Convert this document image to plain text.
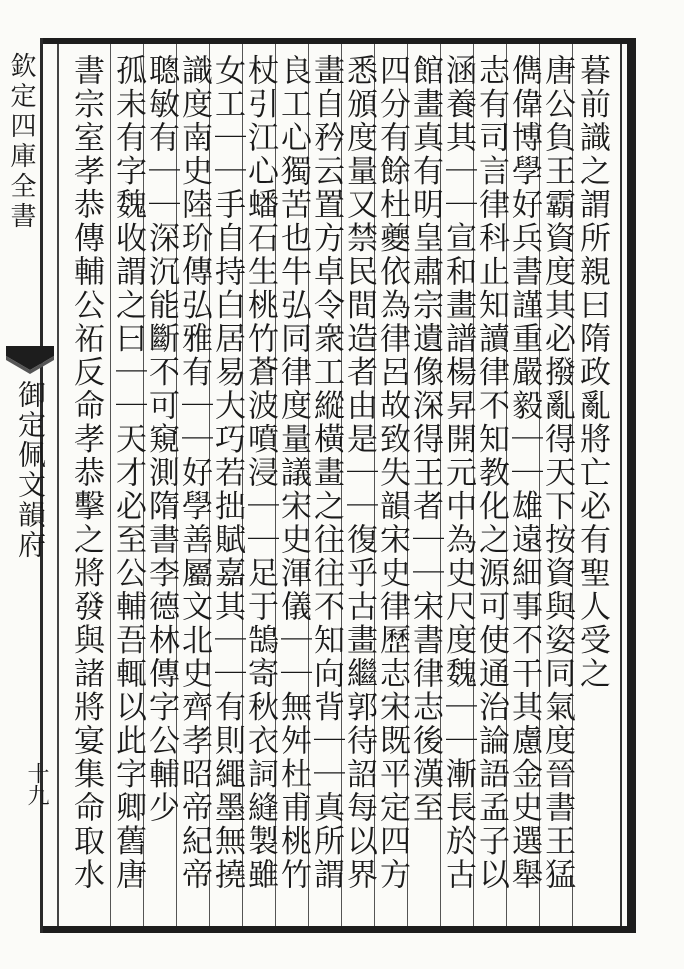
欽定四庫全書
御定佩文韻府
十九
暮前識之謂所親曰隋政亂將亡必有聖人受之
唐公負王霸資度其必撥亂得天下按資與姿同氣度晉書王猛
儁偉博學好兵書謹重嚴毅｜｜雄遠細事不干其慮金史選舉
志有司言律科止知讀律不知教化之源可使通治論語孟子以
涵養其｜｜宣和畫譜楊昇開元中為史尺度魏｜｜漸長於古
館畫真有明皇肅宗遺像深得王者｜｜宋書律志後漢至
四分有餘杜夔依為律呂故致失韻宋史律歷志宋既平定四方
悉頒度量又禁民間造者由是｜｜復乎古畫繼郭待詔每以界
畫自矜云置方卓令衆工縱橫畫之往往不知向背｜｜真所謂
良工心獨苦也牛弘同律度量議宋史渾儀｜｜無舛杜甫桃竹
杖引江心蟠石生桃竹蒼波噴浸｜｜足于鵠寄秋衣詞縫製雖
女工｜｜手自持白居易大巧若拙賦嘉其｜｜有則繩墨無撓
識度南史陸玠傳弘雅有｜｜好學善屬文北史齊孝昭帝紀帝
聰敏有｜｜深沉能斷不可窺測隋書李德林傳字公輔少
孤未有字魏收謂之曰｜｜天才必至公輔吾輒以此字卿舊唐
書宗室孝恭傳輔公祏反命孝恭擊之將發與諸將宴集命取水
